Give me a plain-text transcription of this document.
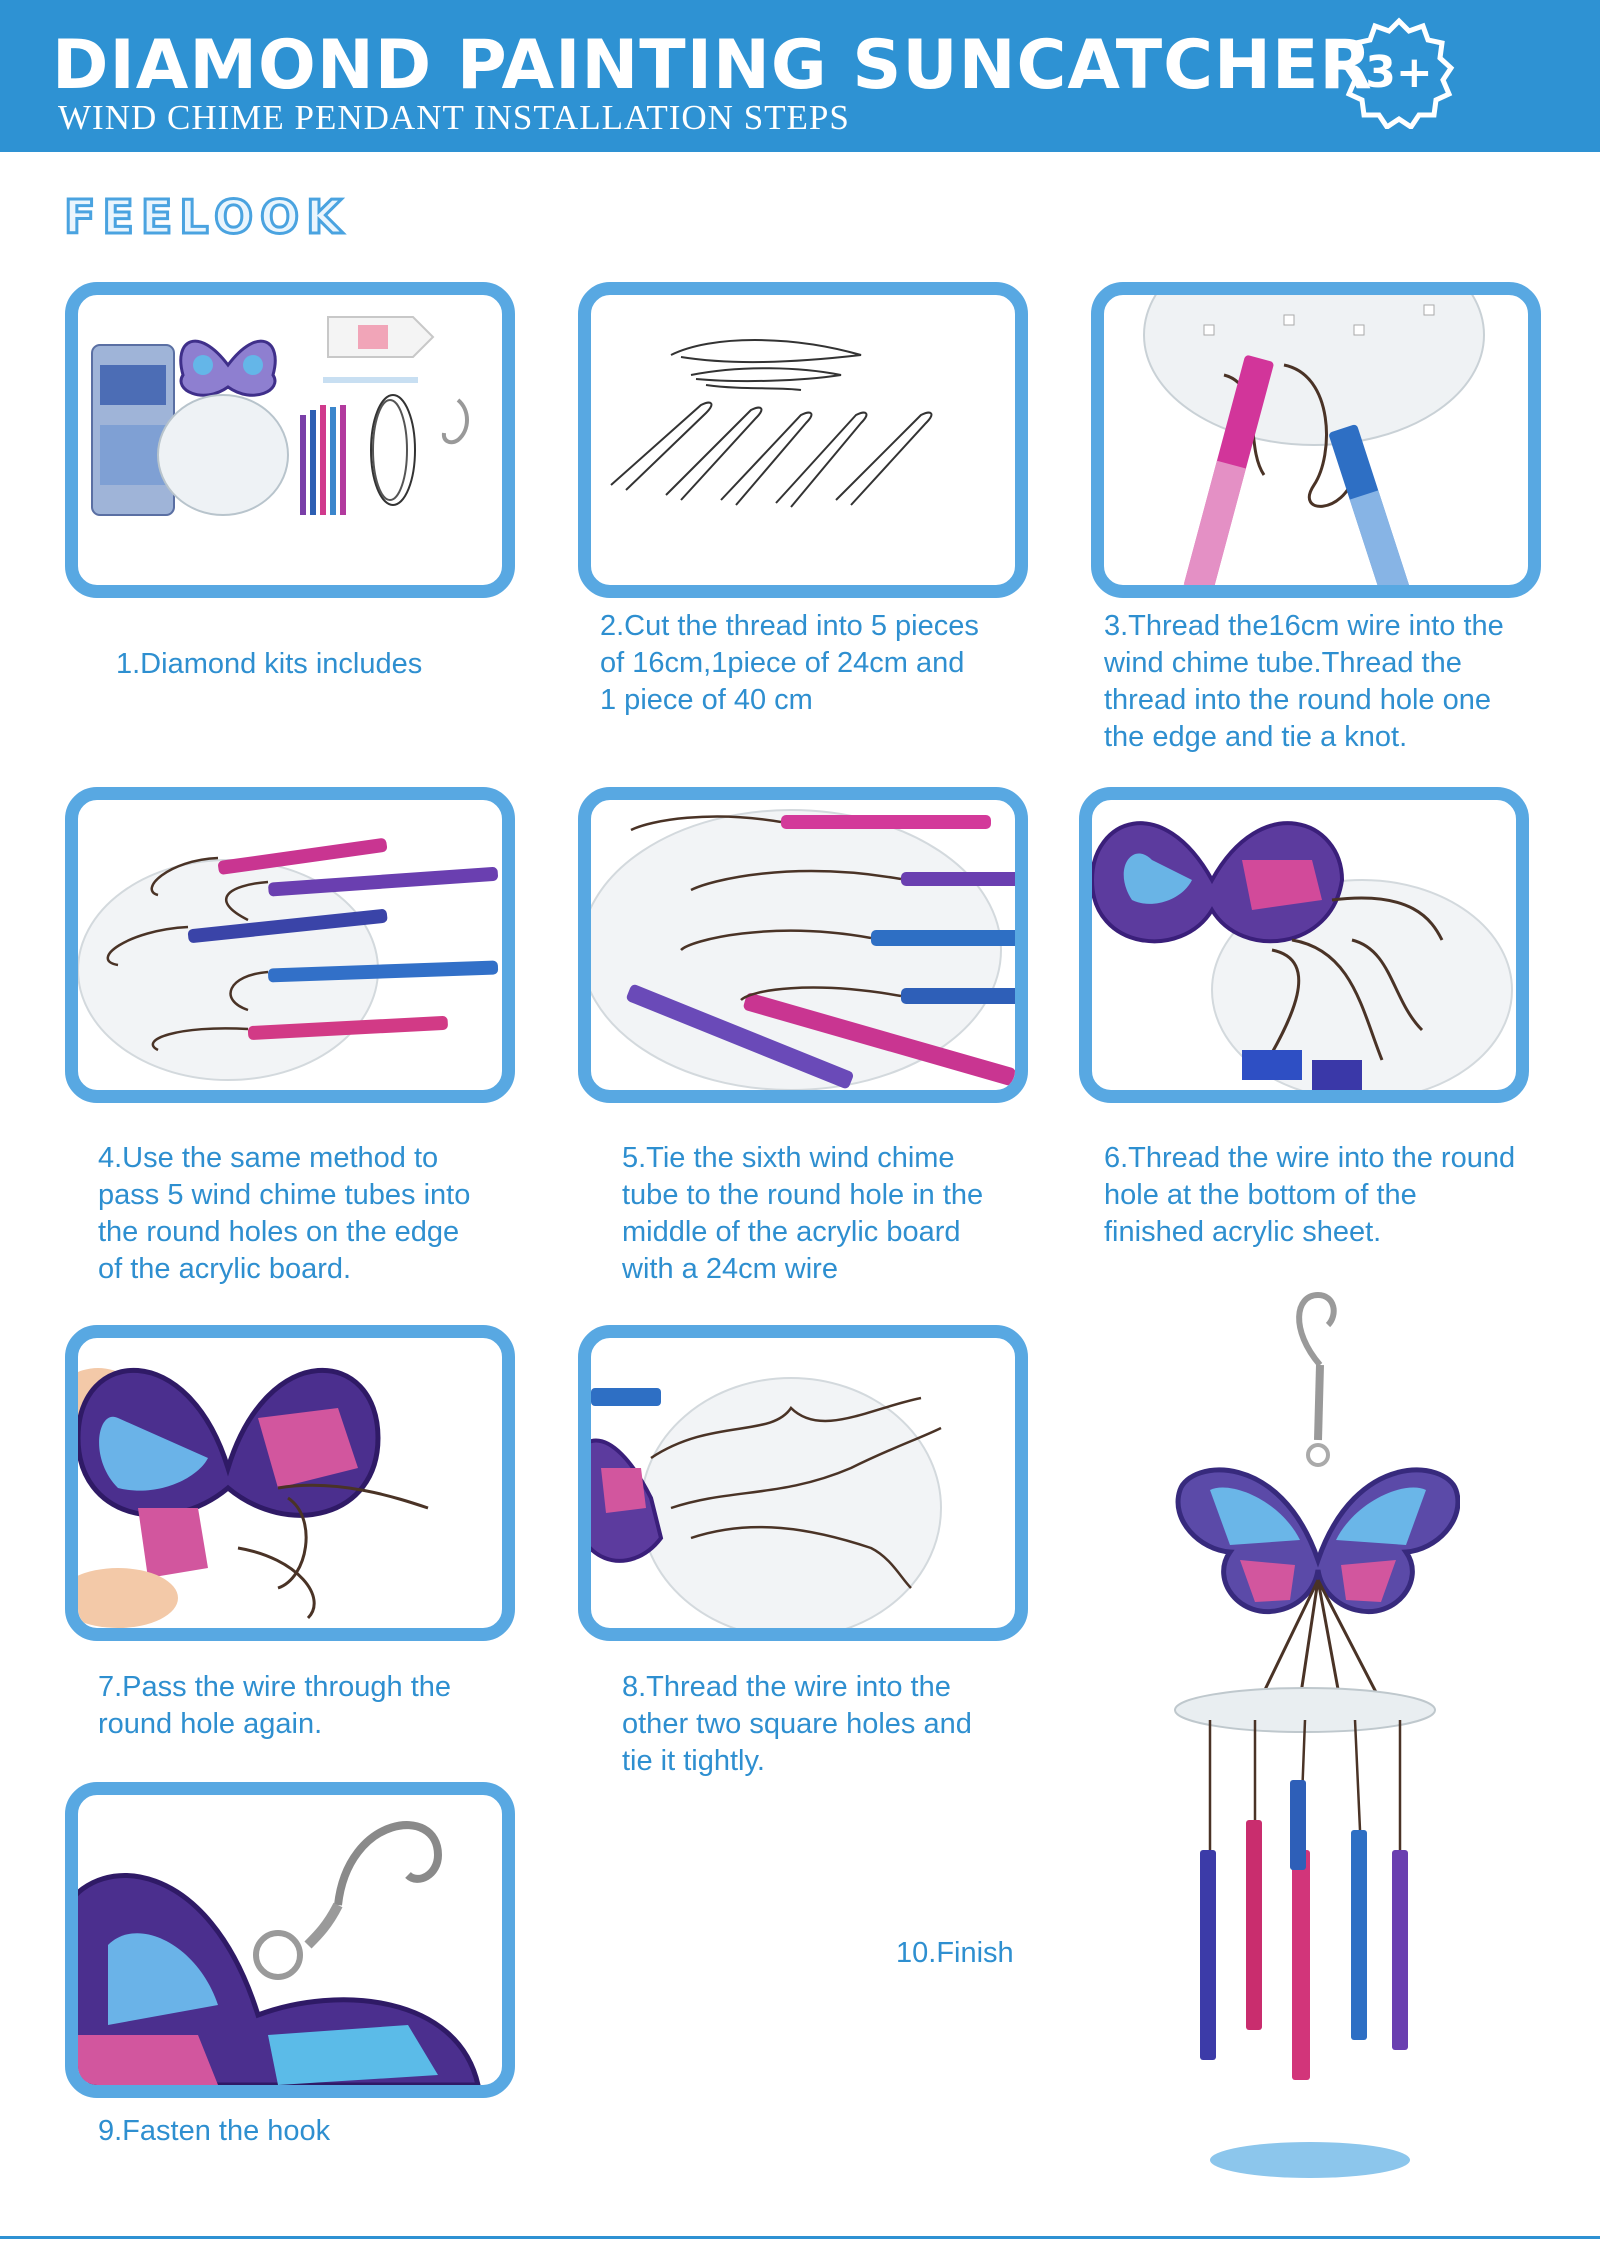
DIAMOND PAINTING SUNCATCHER
WIND CHIME PENDANT INSTALLATION STEPS
3+
FEELOOK
1.Diamond kits includes
2.Cut the thread into 5 pieces
of 16cm,1piece of 24cm and
1 piece of 40 cm
3.Thread the16cm wire into the
wind chime tube.Thread the
thread into the round hole one
the edge and tie a knot.
4.Use the same method to
pass 5 wind chime tubes into
the round holes on the edge
of the acrylic board.
5.Tie the sixth wind chime
tube to the round hole in the
middle of the acrylic board
with a 24cm wire
6.Thread the wire into the round
hole at the bottom of the
finished acrylic sheet.
7.Pass the wire through the
round hole again.
8.Thread the wire into the
other two square holes and
tie it tightly.
9.Fasten the hook
10.Finish
